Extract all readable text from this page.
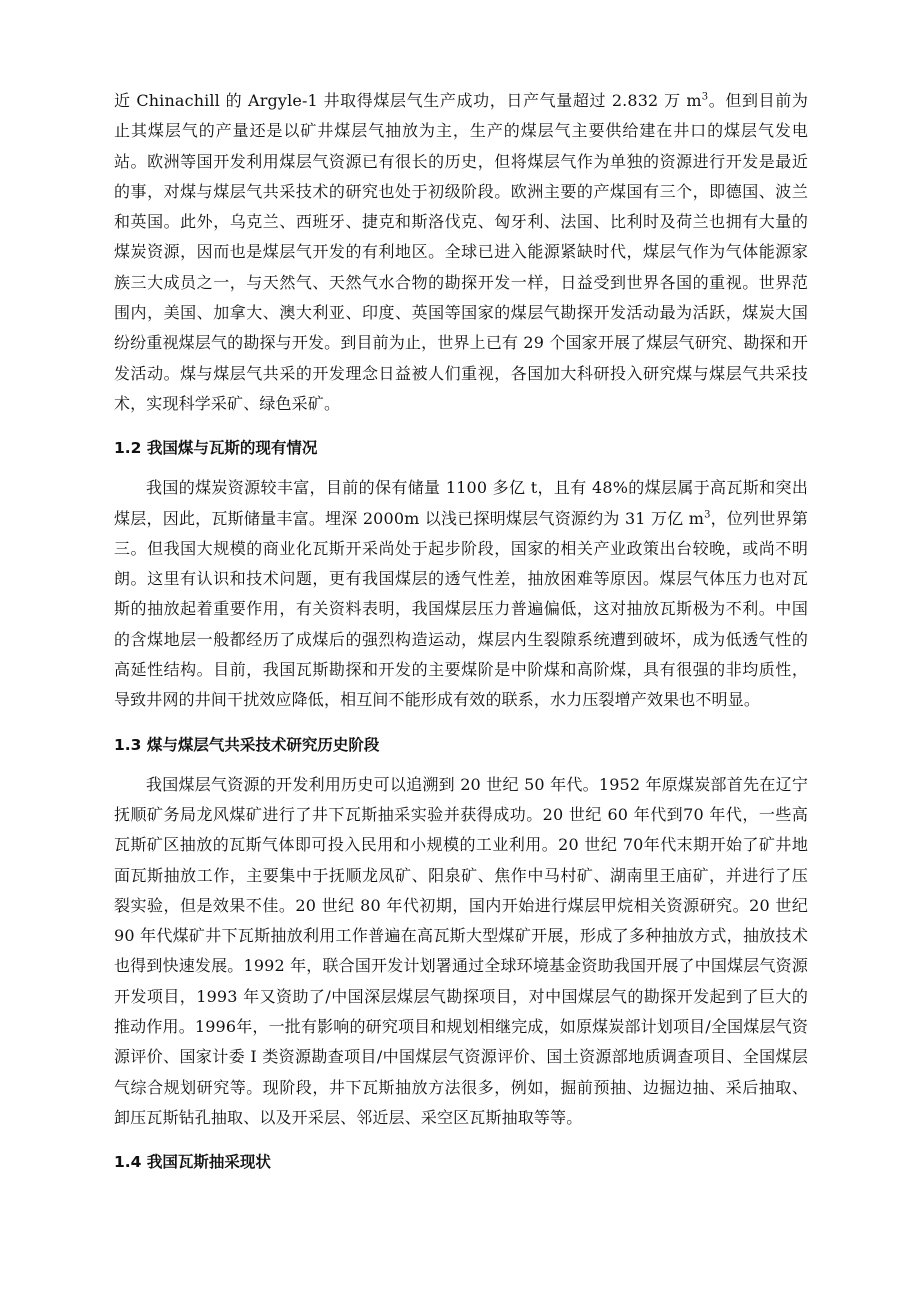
近 Chinachill 的 Argyle-1 井取得煤层气生产成功，日产气量超过 2.832 万 $m^3$。但到目前为止其煤层气的产量还是以矿井煤层气抽放为主，生产的煤层气主要供给建在井口的煤层气发电站。欧洲等国开发利用煤层气资源已有很长的历史，但将煤层气作为单独的资源进行开发是最近的事，对煤与煤层气共采技术的研究也处于初级阶段。欧洲主要的产煤国有三个，即德国、波兰和英国。此外，乌克兰、西班牙、捷克和斯洛伐克、匈牙利、法国、比利时及荷兰也拥有大量的煤炭资源，因而也是煤层气开发的有利地区。全球已进入能源紧缺时代，煤层气作为气体能源家族三大成员之一，与天然气、天然气水合物的勘探开发一样，日益受到世界各国的重视。世界范围内，美国、加拿大、澳大利亚、印度、英国等国家的煤层气勘探开发活动最为活跃，煤炭大国纷纷重视煤层气的勘探与开发。到目前为止，世界上已有 29 个国家开展了煤层气研究、勘探和开发活动。煤与煤层气共采的开发理念日益被人们重视，各国加大科研投入研究煤与煤层气共采技术，实现科学采矿、绿色采矿。

1.2 我国煤与瓦斯的现有情况

我国的煤炭资源较丰富，目前的保有储量 1100 多亿 t，且有 48%的煤层属于高瓦斯和突出煤层，因此，瓦斯储量丰富。埋深 2000m 以浅已探明煤层气资源约为 31 万亿 $m^3$，位列世界第三。但我国大规模的商业化瓦斯开采尚处于起步阶段，国家的相关产业政策出台较晚，或尚不明朗。这里有认识和技术问题，更有我国煤层的透气性差，抽放困难等原因。煤层气体压力也对瓦斯的抽放起着重要作用，有关资料表明，我国煤层压力普遍偏低，这对抽放瓦斯极为不利。中国的含煤地层一般都经历了成煤后的强烈构造运动，煤层内生裂隙系统遭到破坏，成为低透气性的高延性结构。目前，我国瓦斯勘探和开发的主要煤阶是中阶煤和高阶煤，具有很强的非均质性，导致井网的井间干扰效应降低，相互间不能形成有效的联系，水力压裂增产效果也不明显。

1.3 煤与煤层气共采技术研究历史阶段

我国煤层气资源的开发利用历史可以追溯到 20 世纪 50 年代。1952 年原煤炭部首先在辽宁抚顺矿务局龙风煤矿进行了井下瓦斯抽采实验并获得成功。20 世纪 60 年代到70 年代，一些高瓦斯矿区抽放的瓦斯气体即可投入民用和小规模的工业利用。20 世纪 70年代末期开始了矿井地面瓦斯抽放工作，主要集中于抚顺龙凤矿、阳泉矿、焦作中马村矿、湖南里王庙矿，并进行了压裂实验，但是效果不佳。20 世纪 80 年代初期，国内开始进行煤层甲烷相关资源研究。20 世纪 90 年代煤矿井下瓦斯抽放利用工作普遍在高瓦斯大型煤矿开展，形成了多种抽放方式，抽放技术也得到快速发展。1992 年，联合国开发计划署通过全球环境基金资助我国开展了中国煤层气资源开发项目，1993 年又资助了/中国深层煤层气勘探项目，对中国煤层气的勘探开发起到了巨大的推动作用。1996年，一批有影响的研究项目和规划相继完成，如原煤炭部计划项目/全国煤层气资源评价、国家计委 I 类资源勘查项目/中国煤层气资源评价、国土资源部地质调查项目、全国煤层气综合规划研究等。现阶段，井下瓦斯抽放方法很多，例如，掘前预抽、边掘边抽、采后抽取、卸压瓦斯钻孔抽取、以及开采层、邻近层、采空区瓦斯抽取等等。

1.4 我国瓦斯抽采现状
